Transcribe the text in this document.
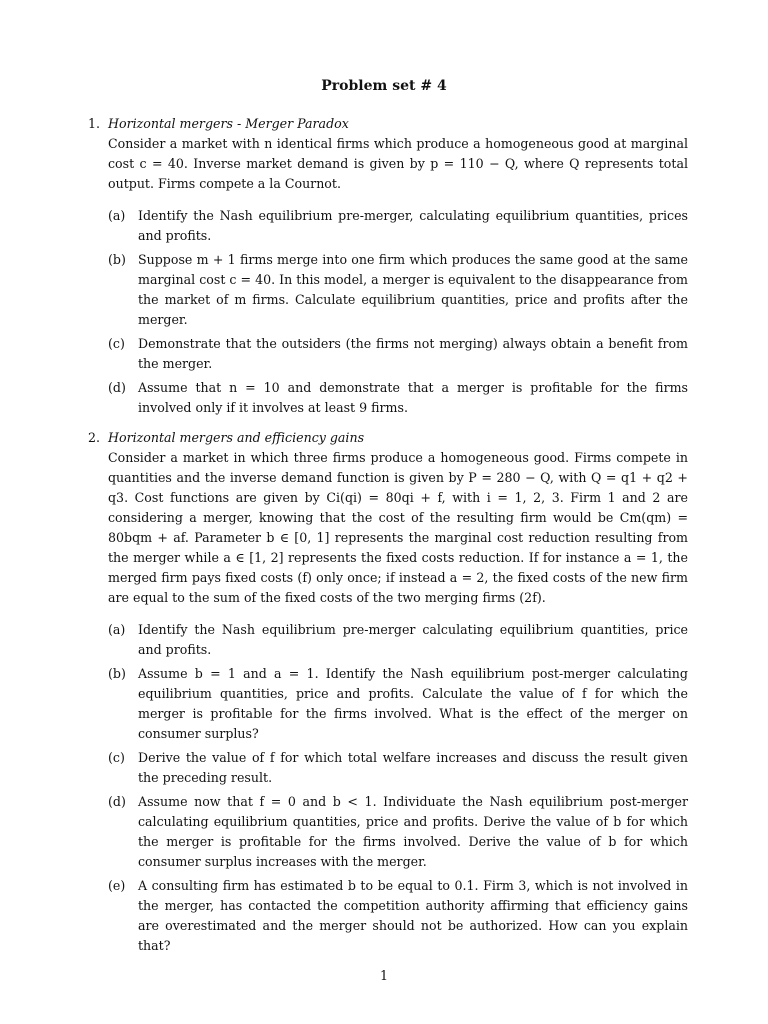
Problem set # 4
1. Horizontal mergers - Merger Paradox
Consider a market with n identical firms which produce a homogeneous good at marginal cost c = 40. Inverse market demand is given by p = 110 − Q, where Q represents total output. Firms compete a la Cournot.
(a)	Identify the Nash equilibrium pre-merger, calculating equilibrium quantities, prices and profits.
(b) Suppose m + 1 firms merge into one firm which produces the same good at the same marginal cost c = 40. In this model, a merger is equivalent to the disappearance from the market of m firms. Calculate equilibrium quantities, price and profits after the merger.
(c)	Demonstrate that the outsiders (the firms not merging) always obtain a benefit from the merger.
(d) Assume that n = 10 and demonstrate that a merger is profitable for the firms involved only if it involves at least 9 firms.
2. Horizontal mergers and efficiency gains
Consider a market in which three firms produce a homogeneous good. Firms compete in quantities and the inverse demand function is given by P = 280 − Q, with Q = q1 + q2 + q3. Cost functions are given by Ci(qi) = 80qi + f, with i = 1, 2, 3. Firm 1 and 2 are considering a merger, knowing that the cost of the resulting firm would be Cm(qm) = 80bqm + af. Parameter b ∈ [0, 1] represents the marginal cost reduction resulting from the merger while a ∈ [1, 2] represents the fixed costs reduction. If for instance a = 1, the merged firm pays fixed costs (f) only once; if instead a = 2, the fixed costs of the new firm are equal to the sum of the fixed costs of the two merging firms (2f).
(a)	Identify the Nash equilibrium pre-merger calculating equilibrium quantities, price and profits.
(b) Assume b = 1 and a = 1. Identify the Nash equilibrium post-merger calculating equilibrium quantities, price and profits. Calculate the value of f for which the merger is profitable for the firms involved. What is the effect of the merger on consumer surplus?
(c)	Derive the value of f for which total welfare increases and discuss the result given the preceding result.
(d) Assume now that f = 0 and b < 1. Individuate the Nash equilibrium post-merger calculating equilibrium quantities, price and profits. Derive the value of b for which the merger is profitable for the firms involved. Derive the value of b for which consumer surplus increases with the merger.
(e)	A consulting firm has estimated b to be equal to 0.1. Firm 3, which is not involved in the merger, has contacted the competition authority affirming that efficiency gains are overestimated and the merger should not be authorized. How can you explain that?
1
